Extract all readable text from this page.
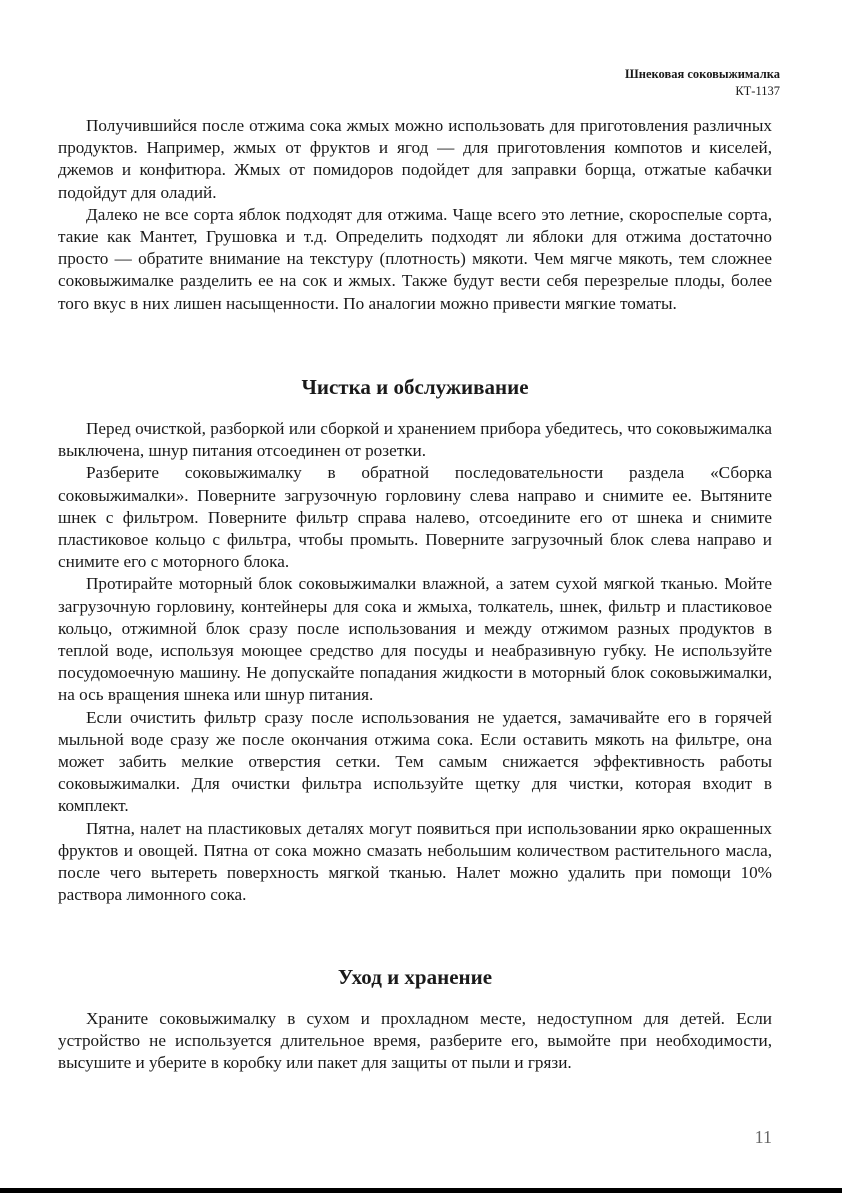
Шнековая соковыжималка
КТ-1137

Получившийся после отжима сока жмых можно использовать для приготовления различных продуктов. Например, жмых от фруктов и ягод — для приготовления компотов и киселей, джемов и конфитюра. Жмых от помидоров подойдет для заправки борща, отжатые кабачки подойдут для оладий.

Далеко не все сорта яблок подходят для отжима. Чаще всего это летние, скороспелые сорта, такие как Мантет, Грушовка и т.д. Определить подходят ли яблоки для отжима достаточно просто — обратите внимание на текстуру (плотность) мякоти. Чем мягче мякоть, тем сложнее соковыжималке разделить ее на сок и жмых. Также будут вести себя перезрелые плоды, более того вкус в них лишен насыщенности. По аналогии можно привести мягкие томаты.

Чистка и обслуживание

Перед очисткой, разборкой или сборкой и хранением прибора убедитесь, что соковыжималка выключена, шнур питания отсоединен от розетки.

Разберите соковыжималку в обратной последовательности раздела «Сборка соковыжималки». Поверните загрузочную горловину слева направо и снимите ее. Вытяните шнек с фильтром. Поверните фильтр справа налево, отсоедините его от шнека и снимите пластиковое кольцо с фильтра, чтобы промыть. Поверните загрузочный блок слева направо и снимите его с моторного блока.

Протирайте моторный блок соковыжималки влажной, а затем сухой мягкой тканью. Мойте загрузочную горловину, контейнеры для сока и жмыха, толкатель, шнек, фильтр и пластиковое кольцо, отжимной блок сразу после использования и между отжимом разных продуктов в теплой воде, используя моющее средство для посуды и неабразивную губку. Не используйте посудомоечную машину. Не допускайте попадания жидкости в моторный блок соковыжималки, на ось вращения шнека или шнур питания.

Если очистить фильтр сразу после использования не удается, замачивайте его в горячей мыльной воде сразу же после окончания отжима сока. Если оставить мякоть на фильтре, она может забить мелкие отверстия сетки. Тем самым снижается эффективность работы соковыжималки. Для очистки фильтра используйте щетку для чистки, которая входит в комплект.

Пятна, налет на пластиковых деталях могут появиться при использовании ярко окрашенных фруктов и овощей. Пятна от сока можно смазать небольшим количеством растительного масла, после чего вытереть поверхность мягкой тканью. Налет можно удалить при помощи 10% раствора лимонного сока.

Уход и хранение

Храните соковыжималку в сухом и прохладном месте, недоступном для детей. Если устройство не используется длительное время, разберите его, вымойте при необходимости, высушите и уберите в коробку или пакет для защиты от пыли и грязи.

11
